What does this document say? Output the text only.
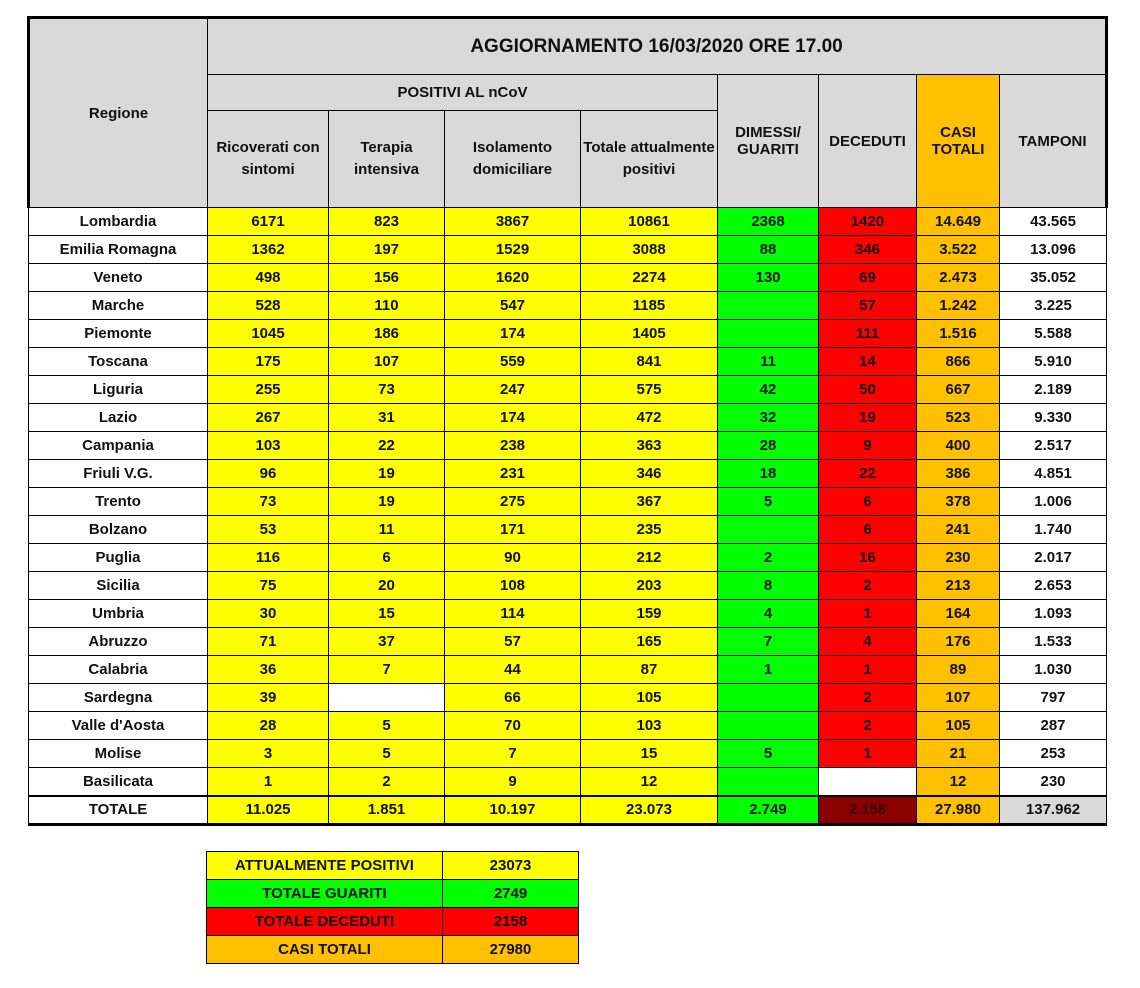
Regione	AGGIORNAMENTO 16/03/2020 ORE 17.00							
	POSITIVI AL nCoV				DIMESSI/ GUARITI	DECEDUTI	CASI TOTALI	TAMPONI
	Ricoverati con sintomi	Terapia intensiva	Isolamento domiciliare	Totale attualmente positivi				
Lombardia	6171	823	3867	10861	2368	1420	14.649	43.565
Emilia Romagna	1362	197	1529	3088	88	346	3.522	13.096
Veneto	498	156	1620	2274	130	69	2.473	35.052
Marche	528	110	547	1185		57	1.242	3.225
Piemonte	1045	186	174	1405		111	1.516	5.588
Toscana	175	107	559	841	11	14	866	5.910
Liguria	255	73	247	575	42	50	667	2.189
Lazio	267	31	174	472	32	19	523	9.330
Campania	103	22	238	363	28	9	400	2.517
Friuli V.G.	96	19	231	346	18	22	386	4.851
Trento	73	19	275	367	5	6	378	1.006
Bolzano	53	11	171	235		6	241	1.740
Puglia	116	6	90	212	2	16	230	2.017
Sicilia	75	20	108	203	8	2	213	2.653
Umbria	30	15	114	159	4	1	164	1.093
Abruzzo	71	37	57	165	7	4	176	1.533
Calabria	36	7	44	87	1	1	89	1.030
Sardegna	39		66	105		2	107	797
Valle d'Aosta	28	5	70	103		2	105	287
Molise	3	5	7	15	5	1	21	253
Basilicata	1	2	9	12			12	230
TOTALE	11.025	1.851	10.197	23.073	2.749	2.158	27.980	137.962
ATTUALMENTE POSITIVI	23073
TOTALE GUARITI	2749
TOTALE DECEDUTI	2158
CASI TOTALI	27980
